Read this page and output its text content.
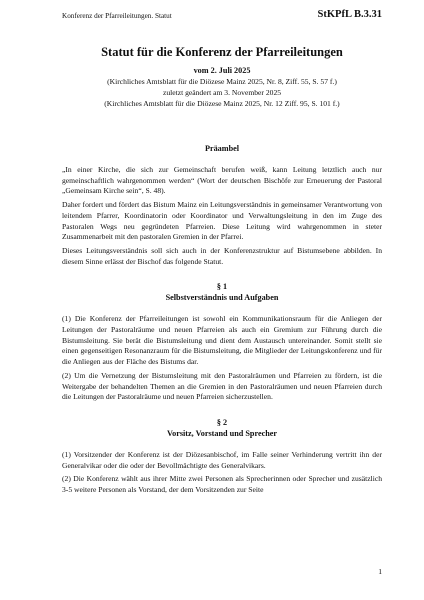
Konferenz der Pfarreileitungen. Statut	StKPfL B.3.31
Statut für die Konferenz der Pfarreileitungen
vom 2. Juli 2025
(Kirchliches Amtsblatt für die Diözese Mainz 2025, Nr. 8, Ziff. 55, S. 57 f.)
zuletzt geändert am 3. November 2025
(Kirchliches Amtsblatt für die Diözese Mainz 2025, Nr. 12 Ziff. 95, S. 101 f.)
Präambel

„In einer Kirche, die sich zur Gemeinschaft berufen weiß, kann Leitung letztlich auch nur gemeinschaftlich wahrgenommen werden“ (Wort der deutschen Bischöfe zur Erneuerung der Pastoral „Gemeinsam Kirche sein“, S. 48).

Daher fordert und fördert das Bistum Mainz ein Leitungsverständnis in gemeinsamer Verantwortung von leitendem Pfarrer, Koordinatorin oder Koordinator und Verwaltungsleitung in den im Zuge des Pastoralen Wegs neu gegründeten Pfarreien. Diese Leitung wird wahrgenommen in steter Zusammenarbeit mit den pastoralen Gremien in der Pfarrei.

Dieses Leitungsverständnis soll sich auch in der Konferenzstruktur auf Bistumsebene abbilden. In diesem Sinne erlässt der Bischof das folgende Statut.

§ 1
Selbstverständnis und Aufgaben

(1) Die Konferenz der Pfarreileitungen ist sowohl ein Kommunikationsraum für die Anliegen der Leitungen der Pastoralräume und neuen Pfarreien als auch ein Gremium zur Führung durch die Bistumsleitung. Sie berät die Bistumsleitung und dient dem Austausch untereinander. Somit stellt sie einen gegenseitigen Resonanzraum für die Bistumsleitung, die Mitglieder der Leitungskonferenz und für die Anliegen aus der Fläche des Bistums dar.

(2) Um die Vernetzung der Bistumsleitung mit den Pastoralräumen und Pfarreien zu fördern, ist die Weitergabe der behandelten Themen an die Gremien in den Pastoralräumen und neuen Pfarreien durch die Leitungen der Pastoralräume und neuen Pfarreien sicherzustellen.

§ 2
Vorsitz, Vorstand und Sprecher

(1) Vorsitzender der Konferenz ist der Diözesanbischof, im Falle seiner Verhinderung vertritt ihn der Generalvikar oder die oder der Bevollmächtigte des Generalvikars.

(2) Die Konferenz wählt aus ihrer Mitte zwei Personen als Sprecherinnen oder Sprecher und zusätzlich 3-5 weitere Personen als Vorstand, der dem Vorsitzenden zur Seite

1
